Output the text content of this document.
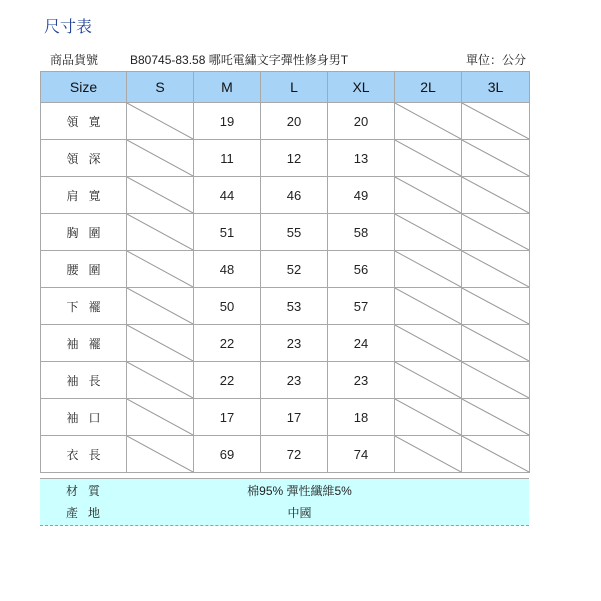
尺寸表
商品貨號	B80745-83.58 哪吒電繡文字彈性修身男T	單位：公分
Size	S	M	L	XL	2L	3L
領寬		19	20	20	

領深		11	12	13	

肩寬		44	46	49	

胸圍		51	55	58	

腰圍		48	52	56	

下襬		50	53	57	

袖襬		22	23	24	

袖長		22	23	23	

袖口		17	17	18	

衣長		69	72	74	

材質	棉95% 彈性纖維5%
產地	中國
